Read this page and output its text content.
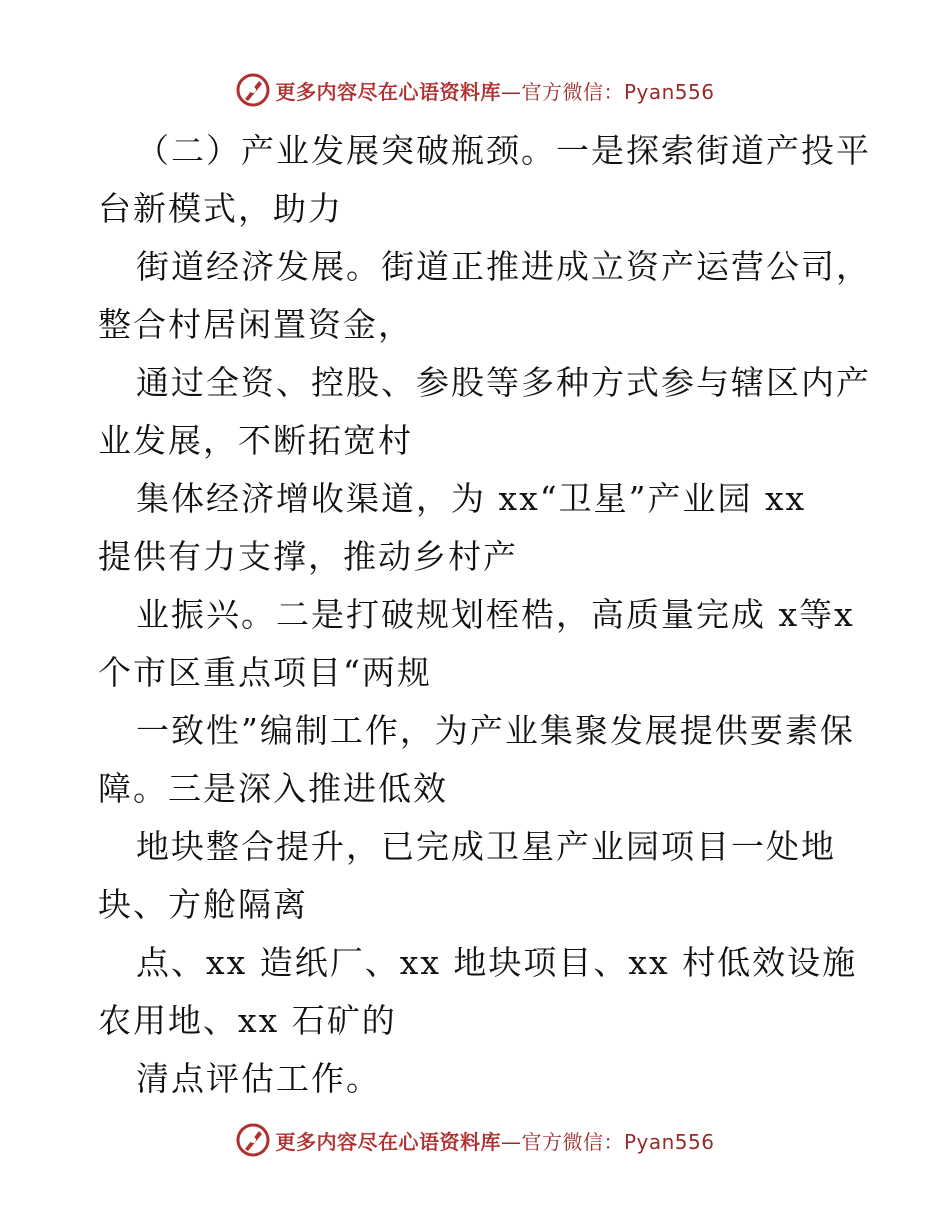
更多内容尽在心语资料库—官方微信：Pyan556
（二）产业发展突破瓶颈。一是探索街道产投平
台新模式，助力
街道经济发展。街道正推进成立资产运营公司，
整合村居闲置资金，
通过全资、控股、参股等多种方式参与辖区内产
业发展，不断拓宽村
集体经济增收渠道，为 xx“卫星”产业园 xx
提供有力支撑，推动乡村产
业振兴。二是打破规划桎梏，高质量完成 x等x
个市区重点项目“两规
一致性”编制工作，为产业集聚发展提供要素保
障。三是深入推进低效
地块整合提升，已完成卫星产业园项目一处地
块、方舱隔离
点、xx 造纸厂、xx 地块项目、xx 村低效设施
农用地、xx 石矿的
清点评估工作。
更多内容尽在心语资料库—官方微信：Pyan556
